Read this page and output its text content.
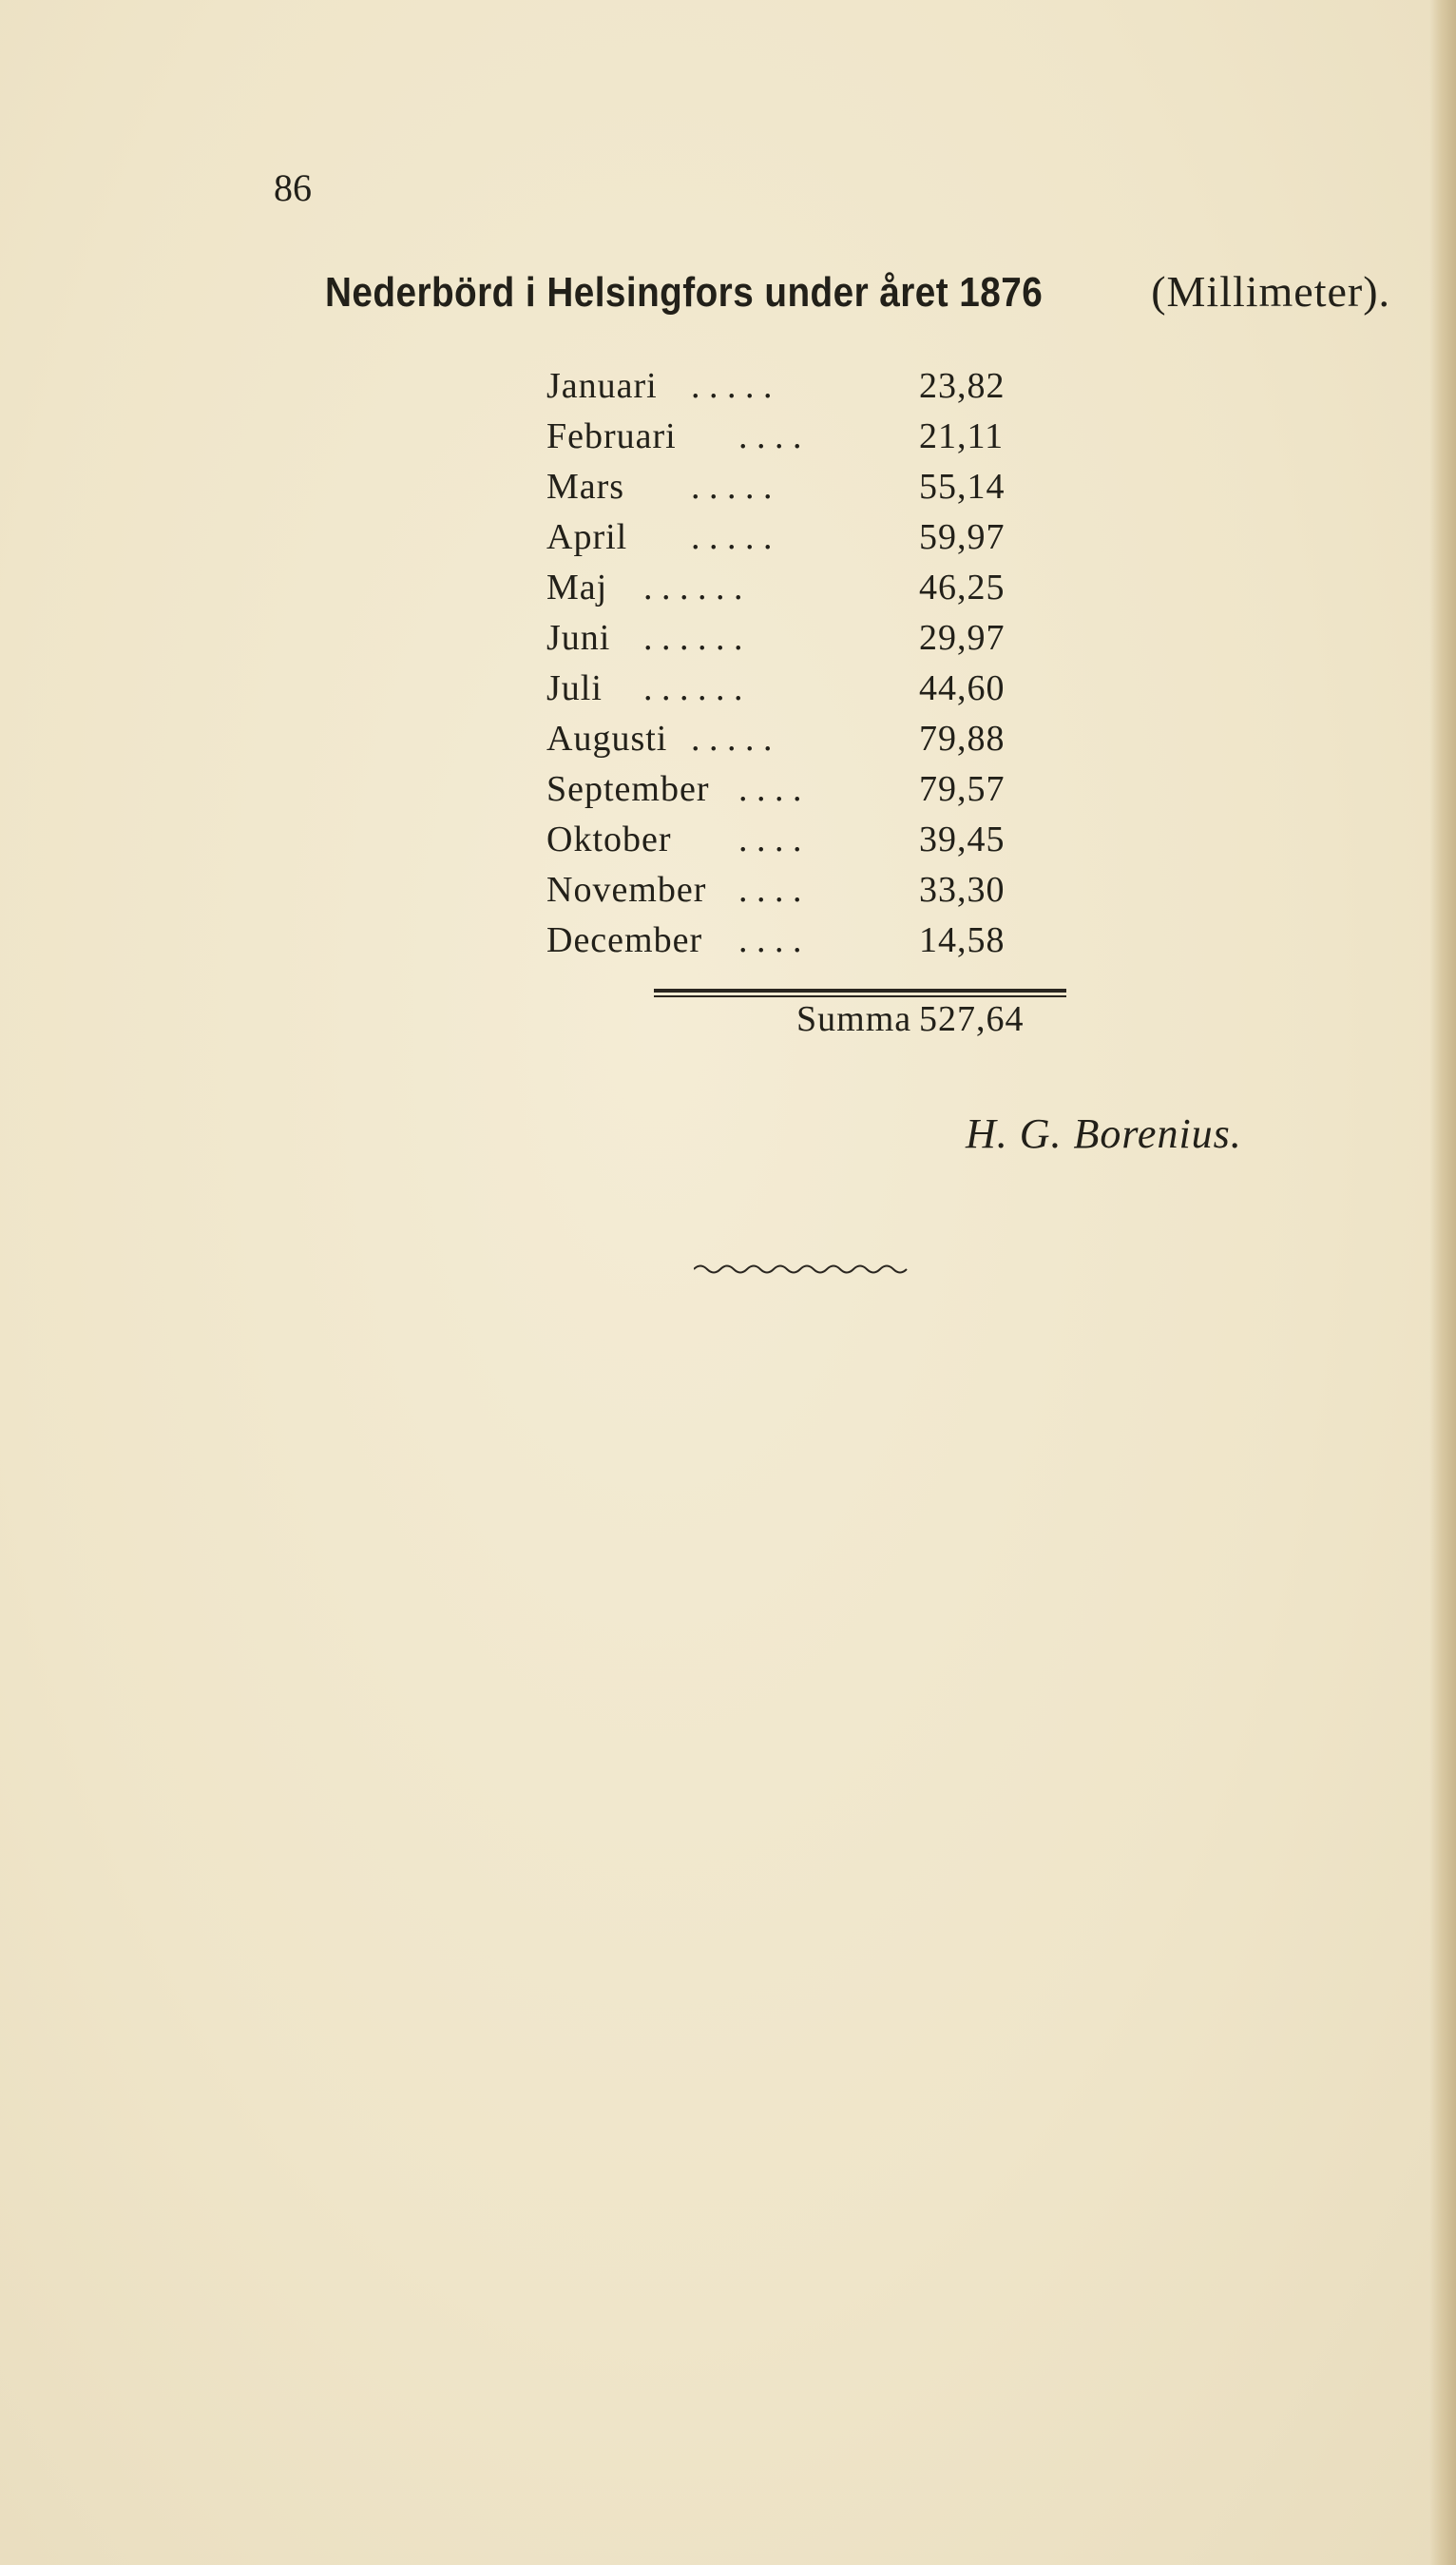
86
Nederbörd i Helsingfors under året 1876 (Millimeter).
Januari . . . . .	23,82
Februari . . . .	21,11
Mars . . . . .	55,14
April . . . . .	59,97
Maj . . . . . .	46,25
Juni . . . . . .	29,97
Juli . . . . . .	44,60
Augusti . . . . .	79,88
September . . . .	79,57
Oktober . . . .	39,45
November . . . .	33,30
December . . . .	14,58
Summa 527,64
H. G. Borenius.
